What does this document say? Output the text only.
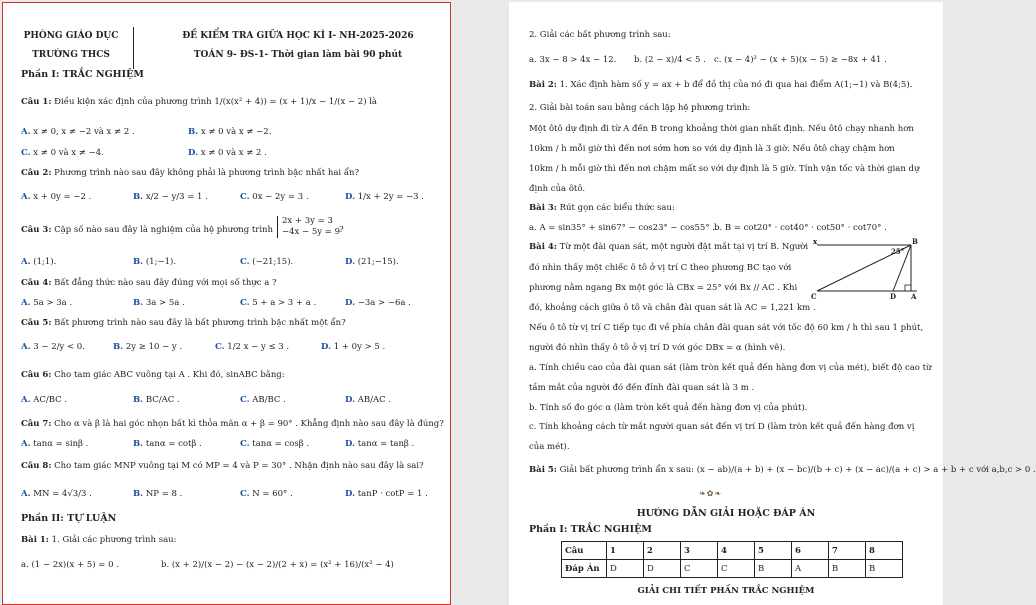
PHÒNG GIÁO DỤC
TRƯỜNG THCS
ĐỀ KIỂM TRA GIỮA HỌC KÌ I- NH-2025-2026
TOÁN 9- ĐS-1- Thời gian làm bài 90 phút
Phần I: TRẮC NGHIỆM
Câu 1: Điều kiện xác định của phương trình 1/(x(x² + 4)) = (x + 1)/x − 1/(x − 2) là
A. x ≠ 0, x ≠ −2 và x ≠ 2 .	B. x ≠ 0 và x ≠ −2.
C. x ≠ 0 và x ≠ −4.	D. x ≠ 0 và x ≠ 2 .
Câu 2: Phương trình nào sau đây không phải là phương trình bậc nhất hai ẩn?
A. x + 0y = −2 .	B. x/2 − y/3 = 1 .	C. 0x − 2y = 3 .	D. 1/x + 2y = −3 .
Câu 3: Cặp số nào sau đây là nghiệm của hệ phương trình
2x + 3y = 3
−4x − 5y = 9 ?
A. (1;1).	B. (1;−1).	C. (−21;15).	D. (21;−15).
Câu 4: Bất đẳng thức nào sau đây đúng với mọi số thực a ?
A. 5a > 3a .	B. 3a > 5a .	C. 5 + a > 3 + a .	D. −3a > −6a .
Câu 5: Bất phương trình nào sau đây là bất phương trình bậc nhất một ẩn?
A. 3 − 2/y < 0.	B. 2y ≥ 10 − y .	C. 1/2 x − y ≤ 3 .	D. 1 + 0y > 5 .
Câu 6: Cho tam giác ABC vuông tại A . Khi đó, sinABC bằng:
A. AC/BC .	B. BC/AC .	C. AB/BC .	D. AB/AC .
Câu 7: Cho α và β là hai góc nhọn bất kì thỏa mãn α + β = 90° . Khẳng định nào sau đây là đúng?
A. tanα = sinβ .	B. tanα = cotβ .	C. tanα = cosβ .	D. tanα = tanβ .
Câu 8: Cho tam giác MNP vuông tại M có MP = 4 và P = 30° . Nhận định nào sau đây là sai?
A. MN = 4√3/3 .	B. NP = 8 .	C. N = 60° .	D. tanP · cotP = 1 .
Phần II: TỰ LUẬN
Bài 1: 1. Giải các phương trình sau:
a. (1 − 2x)(x + 5) = 0 .	b. (x + 2)/(x − 2) − (x − 2)/(2 + x) = (x² + 16)/(x² − 4)
2. Giải các bất phương trình sau:
a. 3x − 8 > 4x − 12. b. (2 − x)/4 < 5 . c. (x − 4)² − (x + 5)(x − 5) ≥ −8x + 41 .
Bài 2: 1. Xác định hàm số y = ax + b để đồ thị của nó đi qua hai điểm A(1;−1) và B(4;5).
2. Giải bài toán sau bằng cách lập hệ phương trình:
Một ôtô dự định đi từ A đến B trong khoảng thời gian nhất định. Nếu ôtô chạy nhanh hơn
10km / h mỗi giờ thì đến nơi sớm hơn so với dự định là 3 giờ. Nếu ôtô chạy chậm hơn
10km / h mỗi giờ thì đến nơi chậm mất so với dự định là 5 giờ. Tính vận tốc và thời gian dự
định của ôtô.
Bài 3: Rút gọn các biểu thức sau:
a. A = sin35° + sin67° − cos23° − cos55° . b. B = cot20° · cot40° · cot50° · cot70° .
Bài 4: Từ một đài quan sát, một người đặt mắt tại vị trí B. Người
đó nhìn thấy một chiếc ô tô ở vị trí C theo phương BC tạo với
phương nằm ngang Bx một góc là CBx = 25° với Bx // AC . Khi
đó, khoảng cách giữa ô tô và chân đài quan sát là AC = 1,221 km .
x
25°
B
C	D A
Nếu ô tô từ vị trí C tiếp tục đi về phía chân đài quan sát với tốc độ 60 km / h thì sau 1 phút,
người đó nhìn thấy ô tô ở vị trí D với góc DBx = α (hình vẽ).
a. Tính chiều cao của đài quan sát (làm tròn kết quả đến hàng đơn vị của mét), biết độ cao từ
tầm mắt của người đó đến đỉnh đài quan sát là 3 m .
b. Tính số đo góc α (làm tròn kết quả đến hàng đơn vị của phút).
c. Tính khoảng cách từ mắt người quan sát đến vị trí D (làm tròn kết quả đến hàng đơn vị
của mét).
Bài 5: Giải bất phương trình ẩn x sau: (x − ab)/(a + b) + (x − bc)/(b + c) + (x − ac)/(a + c) > a + b + c với a,b,c > 0 .
❧✿❧
HƯỚNG DẪN GIẢI HOẶC ĐÁP ÁN
Phần I: TRẮC NGHIỆM
Câu	1	2	3	4	5	6	7	8
Đáp Án	D	D	C	C	B	A	B	B
GIẢI CHI TIẾT PHẦN TRẮC NGHIỆM
